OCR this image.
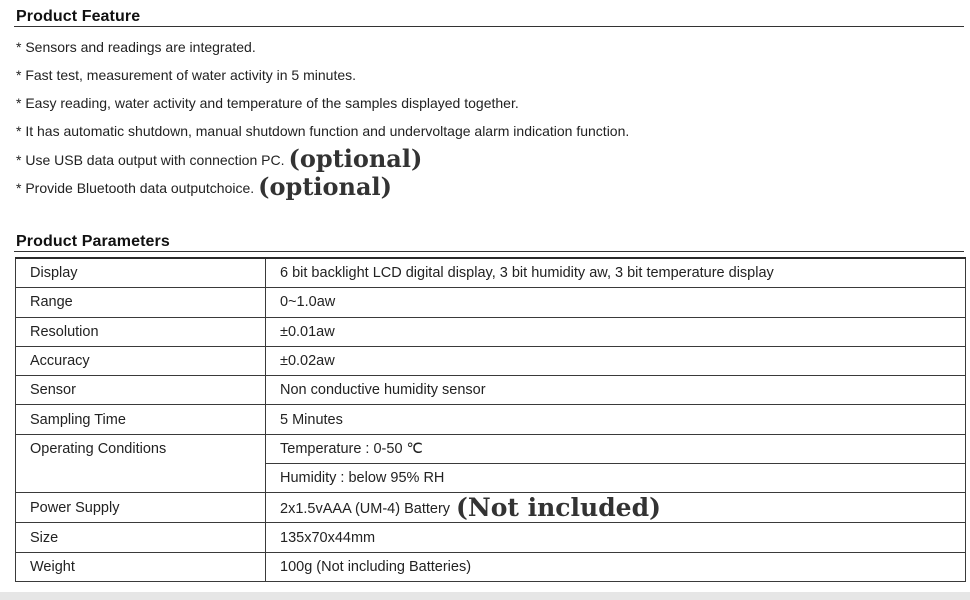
Product Feature
* Sensors and readings are integrated.
* Fast test, measurement of water activity in 5 minutes.
* Easy reading, water activity and temperature of the samples displayed together.
* It has automatic shutdown, manual shutdown function and undervoltage alarm indication function.
* Use USB data output with connection PC. (optional)
* Provide Bluetooth data outputchoice. (optional)
Product Parameters
Display	6 bit backlight LCD digital display, 3 bit humidity aw, 3 bit temperature display
Range	0~1.0aw
Resolution	±0.01aw
Accuracy	±0.02aw
Sensor	Non conductive humidity sensor
Sampling Time	5 Minutes
Operating Conditions	Temperature : 0-50 ℃
	Humidity : below 95% RH
Power Supply	2x1.5vAAA (UM-4) Battery (Not included)
Size	135x70x44mm
Weight	100g (Not including Batteries)
